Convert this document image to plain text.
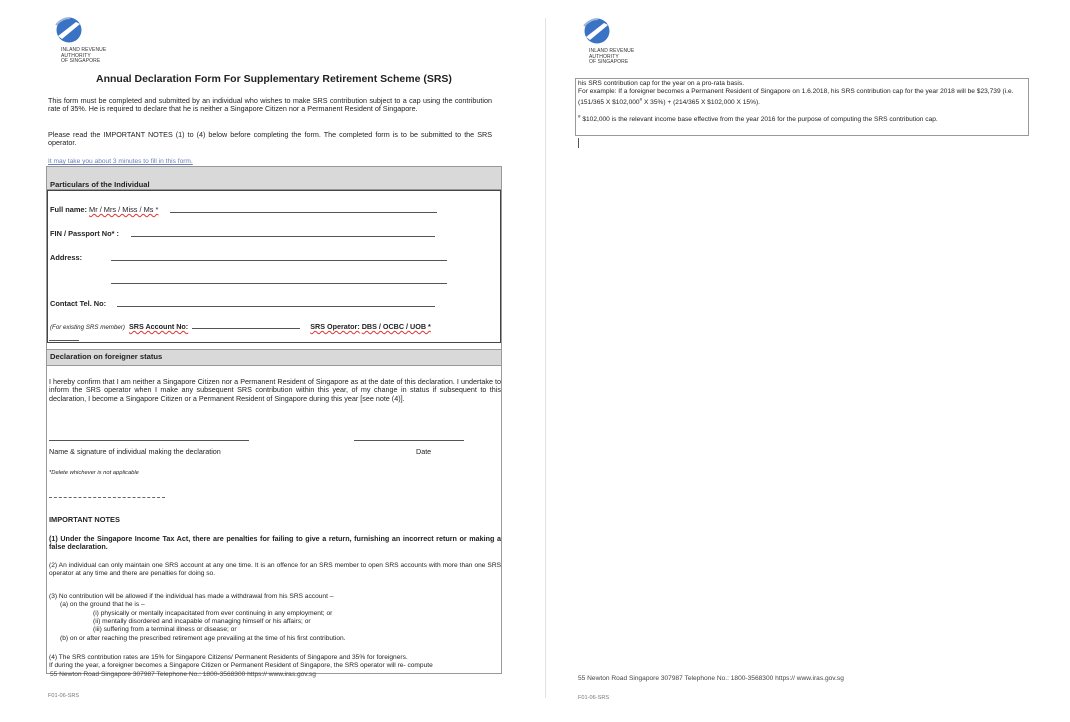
INLAND REVENUE
AUTHORITY
OF SINGAPORE
Annual Declaration Form For Supplementary Retirement Scheme (SRS)
This form must be completed and submitted by an individual who wishes to make SRS contribution subject to a cap using the contribution rate of 35%. He is required to declare that he is neither a Singapore Citizen nor a Permanent Resident of Singapore.
Please read the IMPORTANT NOTES (1) to (4) below before completing the form. The completed form is to be submitted to the SRS operator.
It may take you about 3 minutes to fill in this form.
Particulars of the Individual
Full name: Mr / Mrs / Miss / Ms *
FIN / Passport No* :
Address:
Contact Tel. No:
(For existing SRS member) SRS Account No:	SRS Operator: DBS / OCBC / UOB *
Declaration on foreigner status
I hereby confirm that I am neither a Singapore Citizen nor a Permanent Resident of Singapore as at the date of this declaration. I undertake to inform the SRS operator when I make any subsequent SRS contribution within this year, of my change in status if subsequent to this declaration, I become a Singapore Citizen or a Permanent Resident of Singapore during this year [see note (4)].
Name & signature of individual making the declaration	Date
*Delete whichever is not applicable
IMPORTANT NOTES
(1) Under the Singapore Income Tax Act, there are penalties for failing to give a return, furnishing an incorrect return or making a false declaration.
(2) An individual can only maintain one SRS account at any one time. It is an offence for an SRS member to open SRS accounts with more than one SRS operator at any time and there are penalties for doing so.
(3) No contribution will be allowed if the individual has made a withdrawal from his SRS account –
(a) on the ground that he is –
(i) physically or mentally incapacitated from ever continuing in any employment; or
(ii) mentally disordered and incapable of managing himself or his affairs; or
(iii) suffering from a terminal illness or disease; or
(b) on or after reaching the prescribed retirement age prevailing at the time of his first contribution.
(4) The SRS contribution rates are 15% for Singapore Citizens/ Permanent Residents of Singapore and 35% for foreigners.
If during the year, a foreigner becomes a Singapore Citizen or Permanent Resident of Singapore, the SRS operator will re- compute
55 Newton Road Singapore 307987 Telephone No.: 1800-3568300 https:// www.iras.gov.sg
F01-06-SRS
INLAND REVENUE
AUTHORITY
OF SINGAPORE
his SRS contribution cap for the year on a pro-rata basis.
For example: If a foreigner becomes a Permanent Resident of Singapore on 1.6.2018, his SRS contribution cap for the year 2018 will be $23,739 (i.e. (151/365 X $102,000# X 35%) + (214/365 X $102,000 X 15%).
# $102,000 is the relevant income base effective from the year 2016 for the purpose of computing the SRS contribution cap.
55 Newton Road Singapore 307987 Telephone No.: 1800-3568300 https:// www.iras.gov.sg
F01-06-SRS
